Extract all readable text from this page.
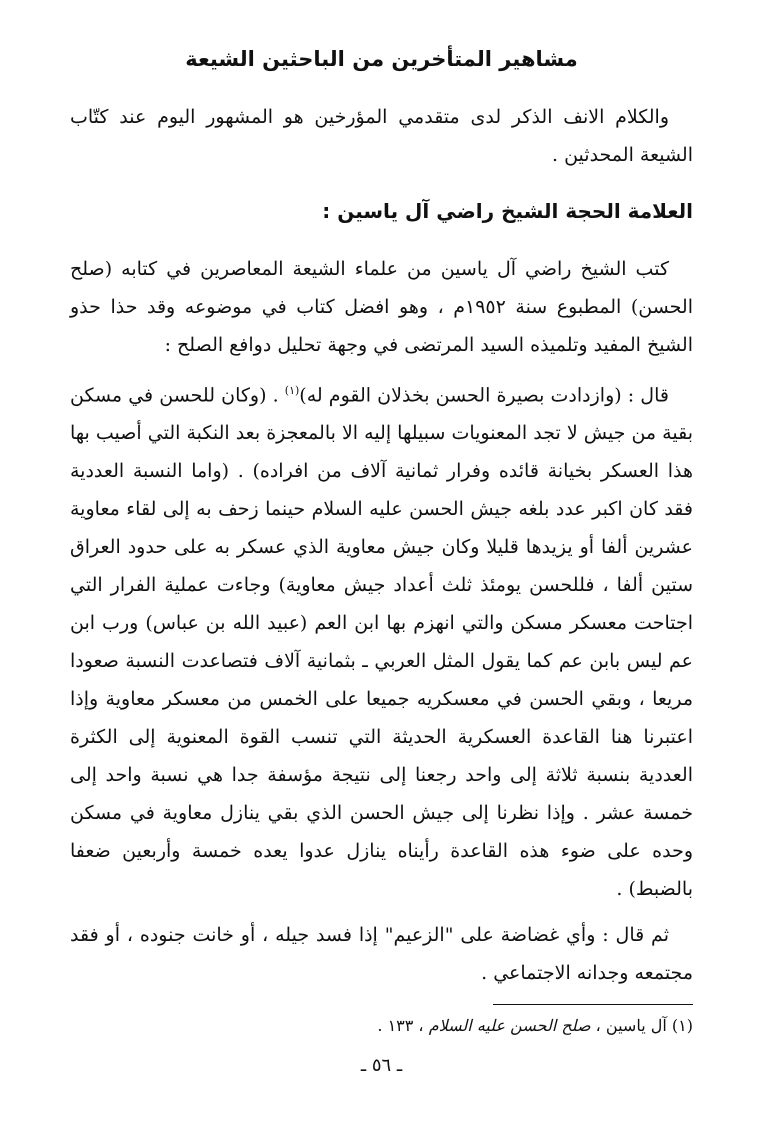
مشاهير المتأخرين من الباحثين الشيعة

والكلام الانف الذكر لدى متقدمي المؤرخين هو المشهور اليوم عند كتّاب الشيعة المحدثين .

العلامة الحجة الشيخ راضي آل ياسين :

كتب الشيخ راضي آل ياسين من علماء الشيعة المعاصرين في كتابه (صلح الحسن) المطبوع سنة ١٩٥٢م ، وهو افضل كتاب في موضوعه وقد حذا حذو الشيخ المفيد وتلميذه السيد المرتضى في وجهة تحليل دوافع الصلح :

قال : (وازدادت بصيرة الحسن بخذلان القوم له)$^{(١)}$ . (وكان للحسن في مسكن بقية من جيش لا تجد المعنويات سبيلها إليه الا بالمعجزة بعد النكبة التي أصيب بها هذا العسكر بخيانة قائده وفرار ثمانية آلاف من افراده) . (واما النسبة العددية فقد كان اكبر عدد بلغه جيش الحسن عليه السلام حينما زحف به إلى لقاء معاوية عشرين ألفا أو يزيدها قليلا وكان جيش معاوية الذي عسكر به على حدود العراق ستين ألفا ، فللحسن يومئذ ثلث أعداد جيش معاوية) وجاءت عملية الفرار التي اجتاحت معسكر مسكن والتي انهزم بها ابن العم (عبيد الله بن عباس) ورب ابن عم ليس بابن عم كما يقول المثل العربي ـ بثمانية آلاف فتصاعدت النسبة صعودا مريعا ، وبقي الحسن في معسكريه جميعا على الخمس من معسكر معاوية وإذا اعتبرنا هنا القاعدة العسكرية الحديثة التي تنسب القوة المعنوية إلى الكثرة العددية بنسبة ثلاثة إلى واحد رجعنا إلى نتيجة مؤسفة جدا هي نسبة واحد إلى خمسة عشر . وإذا نظرنا إلى جيش الحسن الذي بقي ينازل معاوية في مسكن وحده على ضوء هذه القاعدة رأيناه ينازل عدوا يعده خمسة وأربعين ضعفا بالضبط) .

ثم قال : وأي غضاضة على "الزعيم" إذا فسد جيله ، أو خانت جنوده ، أو فقد مجتمعه وجدانه الاجتماعي .

(١) آل ياسين ، صلح الحسن عليه السلام ، ١٣٣ .

ـ ٥٦ ـ
